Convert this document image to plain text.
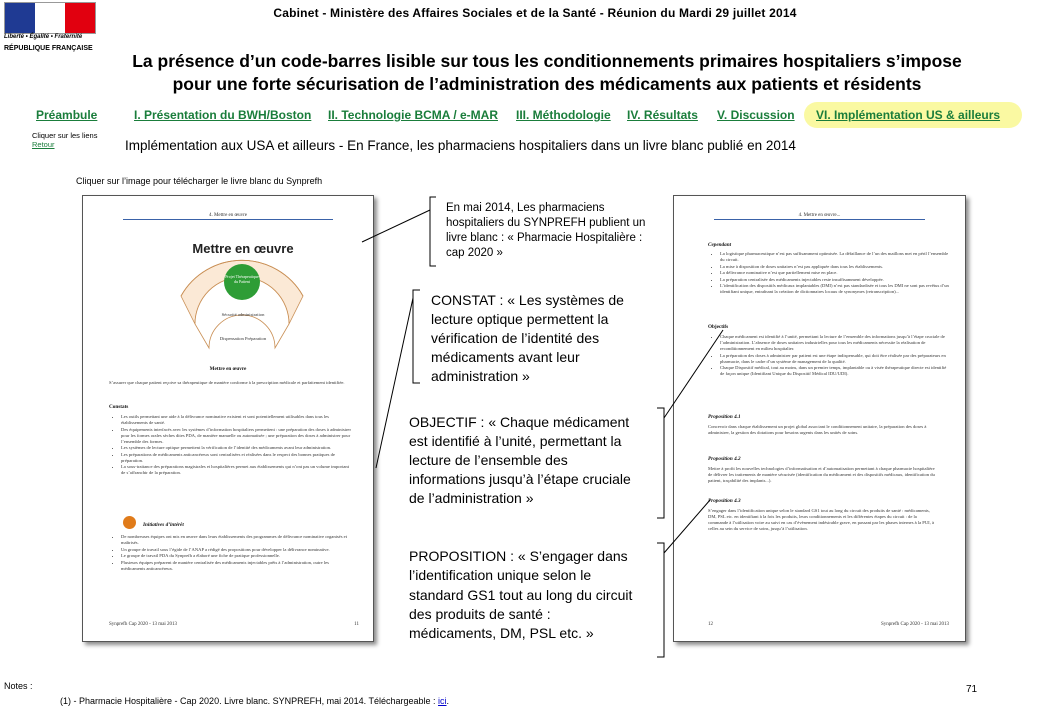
Liberté • Égalité • Fraternité
RÉPUBLIQUE FRANÇAISE
Cabinet - Ministère des Affaires Sociales et de la Santé - Réunion du Mardi 29 juillet 2014
La présence d’un code-barres lisible sur tous les conditionnements primaires hospitaliers s’impose
pour une forte sécurisation de l’administration des médicaments aux patients et résidents
Préambule	I. Présentation du BWH/Boston II. Technologie BCMA / e-MAR III. Méthodologie IV. Résultats V. Discussion VI. Implémentation US & ailleurs
Cliquer sur les liens
Retour	Implémentation aux USA et ailleurs - En France, les pharmaciens hospitaliers dans un livre blanc publié en 2014
Cliquer sur l’image pour télécharger le livre blanc du Synprefh
4. Mettre en œuvre
Mettre en œuvre
Projet Thérapeutique du Patient
Sécurité administration
Dispensation Préparation
Mettre en œuvre
S’assurer que chaque patient reçoive sa thérapeutique de manière conforme à la prescription médicale et parfaitement identifiée.
Constats
• Les outils permettant une aide à la délivrance nominative existent et sont potentiellement utilisables dans tous les établissements de santé.
• Des équipements interfacés avec les systèmes d’information hospitaliers permettent : une préparation des doses à administrer pour les formes orales sèches dites PDA, de manière manuelle ou automatisée ; une préparation des doses à administrer pour l’ensemble des formes.
• Les systèmes de lecture optique permettent la vérification de l’identité des médicaments avant leur administration.
• Les préparations de médicaments anticancéreux sont centralisées et réalisées dans le respect des bonnes pratiques de préparation.
• La sous-traitance des préparations magistrales et hospitalières permet aux établissements qui n’ont pas un volume important de s’affranchir de la préparation.
Initiatives d’intérêt
• De nombreuses équipes ont mis en œuvre dans leurs établissements des programmes de délivrance nominative organisés et maîtrisés.
• Un groupe de travail sous l’égide de l’ANAP a rédigé des propositions pour développer la délivrance nominative.
• Le groupe de travail PDA du Synprefh a élaboré une fiche de pratique professionnelle.
• Plusieurs équipes préparent de manière centralisée des médicaments injectables prêts à l’administration, outre les médicaments anticancéreux.
Synprefh Cap 2020 - 13 mai 2013	11
4. Mettre en œuvre...
Cependant
• La logistique pharmaceutique n’est pas suffisamment optimisée. La défaillance de l’un des maillons met en péril l’ensemble du circuit.
• La mise à disposition de doses unitaires n’est pas appliquée dans tous les établissements.
• La délivrance nominative n’est que partiellement mise en place.
• La préparation centralisée des médicaments injectables reste insuffisamment développée.
• L’identification des dispositifs médicaux implantables (DMI) n’est pas standardisée et tous les DMI ne sont pas revêtus d’un identifiant unique, entraînant la création de dictionnaires locaux de synonymes (retranscription)...
Objectifs
• Chaque médicament est identifié à l’unité, permettant la lecture de l’ensemble des informations jusqu’à l’étape cruciale de l’administration. L’absence de doses unitaires industrielles pour tous les médicaments nécessite la réalisation de reconditionnement en milieu hospitalier.
• La préparation des doses à administrer par patient est une étape indispensable, qui doit être réalisée par des préparateurs en pharmacie, dans le cadre d’un système de management de la qualité.
• Chaque Dispositif médical, tout au moins, dans un premier temps, implantable ou à visée thérapeutique directe est identifié de façon unique (Identifiant Unique du Dispositif Médical IDU/UDI).
Proposition 4.1
Concevoir dans chaque établissement un projet global associant le conditionnement unitaire, la préparation des doses à administrer, la gestion des dotations pour besoins urgents dans les unités de soins.
Proposition 4.2
Mettre à profit les nouvelles technologies d’informatisation et d’automatisation permettant à chaque pharmacie hospitalière de délivrer les traitements de manière sécurisée (identification du médicament et des dispositifs médicaux, identification du patient, traçabilité des implants...).
Proposition 4.3
S’engager dans l’identification unique selon le standard GS1 tout au long du circuit des produits de santé : médicaments, DM, PSL etc. en identifiant à la fois les produits, leurs conditionnements et les différentes étapes du circuit : de la commande à l’utilisation voire au suivi en cas d’évènement indésirable grave, en passant par les phases internes à la PUI, à celles au sein du service de soins, jusqu’à l’utilisation.
12	Synprefh Cap 2020 - 13 mai 2013
En mai 2014, Les pharmaciens hospitaliers du SYNPREFH publient un livre blanc : « Pharmacie Hospitalière : cap 2020 »
CONSTAT : « Les systèmes de lecture optique permettent la vérification de l’identité des médicaments avant leur administration »
OBJECTIF : « Chaque médicament est identifié à l’unité, permettant la lecture de l’ensemble des informations jusqu’à l’étape cruciale de l’administration »
PROPOSITION : « S’engager dans l’identification unique selon le standard GS1 tout au long du circuit des produits de santé : médicaments, DM, PSL etc. »
Notes :
(1) - Pharmacie Hospitalière - Cap 2020. Livre blanc. SYNPREFH, mai 2014. Téléchargeable : ici.
71
